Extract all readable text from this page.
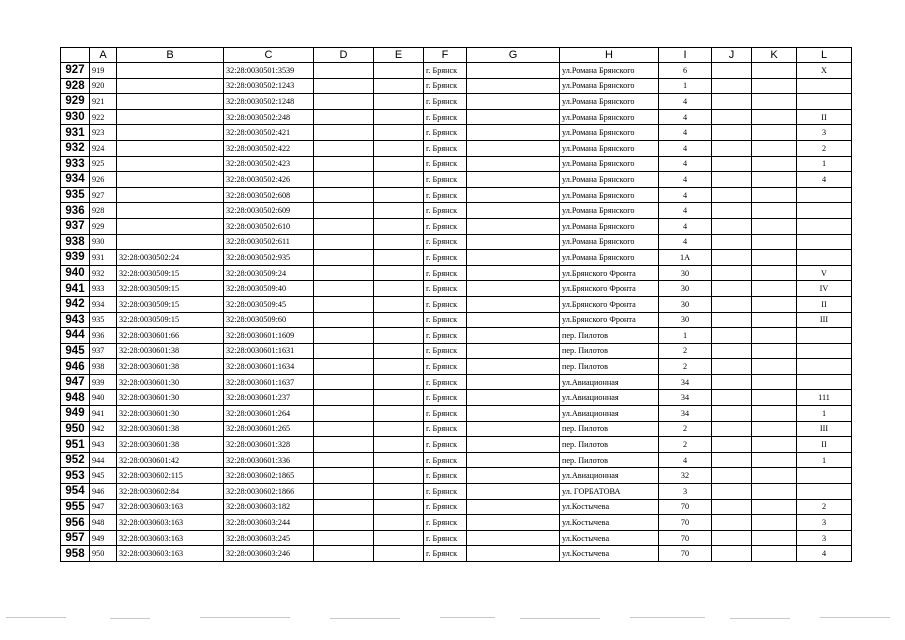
	A	B	C	D	E	F	G	H	I	J	K	L
927	919		32:28:0030501:3539			г. Брянск		ул.Романа Брянского	6			X
928	920		32:28:0030502:1243			г. Брянск		ул.Романа Брянского	1			
929	921		32:28:0030502:1248			г. Брянск		ул.Романа Брянского	4			
930	922		32:28:0030502:248			г. Брянск		ул.Романа Брянского	4			II
931	923		32:28:0030502:421			г. Брянск		ул.Романа Брянского	4			3
932	924		32:28:0030502:422			г. Брянск		ул.Романа Брянского	4			2
933	925		32:28:0030502:423			г. Брянск		ул.Романа Брянского	4			1
934	926		32:28:0030502:426			г. Брянск		ул.Романа Брянского	4			4
935	927		32:28:0030502:608			г. Брянск		ул.Романа Брянского	4			
936	928		32:28:0030502:609			г. Брянск		ул.Романа Брянского	4			
937	929		32:28:0030502:610			г. Брянск		ул.Романа Брянского	4			
938	930		32:28:0030502:611			г. Брянск		ул.Романа Брянского	4			
939	931	32:28:0030502:24	32:28:0030502:935			г. Брянск		ул.Романа Брянского	1А			
940	932	32:28:0030509:15	32:28:0030509:24			г. Брянск		ул.Брянского Фронта	30			V
941	933	32:28:0030509:15	32:28:0030509:40			г. Брянск		ул.Брянского Фронта	30			IV
942	934	32:28:0030509:15	32:28:0030509:45			г. Брянск		ул.Брянского Фронта	30			II
943	935	32:28:0030509:15	32:28:0030509:60			г. Брянск		ул.Брянского Фронта	30			III
944	936	32:28:0030601:66	32:28:0030601:1609			г. Брянск		пер. Пилотов	1			
945	937	32:28:0030601:38	32:28:0030601:1631			г. Брянск		пер. Пилотов	2			
946	938	32:28:0030601:38	32:28:0030601:1634			г. Брянск		пер. Пилотов	2			
947	939	32:28:0030601:30	32:28:0030601:1637			г. Брянск		ул.Авиационная	34			
948	940	32:28:0030601:30	32:28:0030601:237			г. Брянск		ул.Авиационная	34			111
949	941	32:28:0030601:30	32:28:0030601:264			г. Брянск		ул.Авиационная	34			1
950	942	32:28:0030601:38	32:28:0030601:265			г. Брянск		пер. Пилотов	2			III
951	943	32:28:0030601:38	32:28:0030601:328			г. Брянск		пер. Пилотов	2			II
952	944	32:28:0030601:42	32:28:0030601:336			г. Брянск		пер. Пилотов	4			1
953	945	32:28:0030602:115	32:28:0030602:1865			г. Брянск		ул.Авиационная	32			
954	946	32:28:0030602:84	32:28:0030602:1866			г. Брянск		ул. ГОРБАТОВА	3			
955	947	32:28:0030603:163	32:28:0030603:182			г. Брянск		ул.Костычева	70			2
956	948	32:28:0030603:163	32:28:0030603:244			г. Брянск		ул.Костычева	70			3
957	949	32:28:0030603:163	32:28:0030603:245			г. Брянск		ул.Костычева	70			3
958	950	32:28:0030603:163	32:28:0030603:246			г. Брянск		ул.Костычева	70			4
